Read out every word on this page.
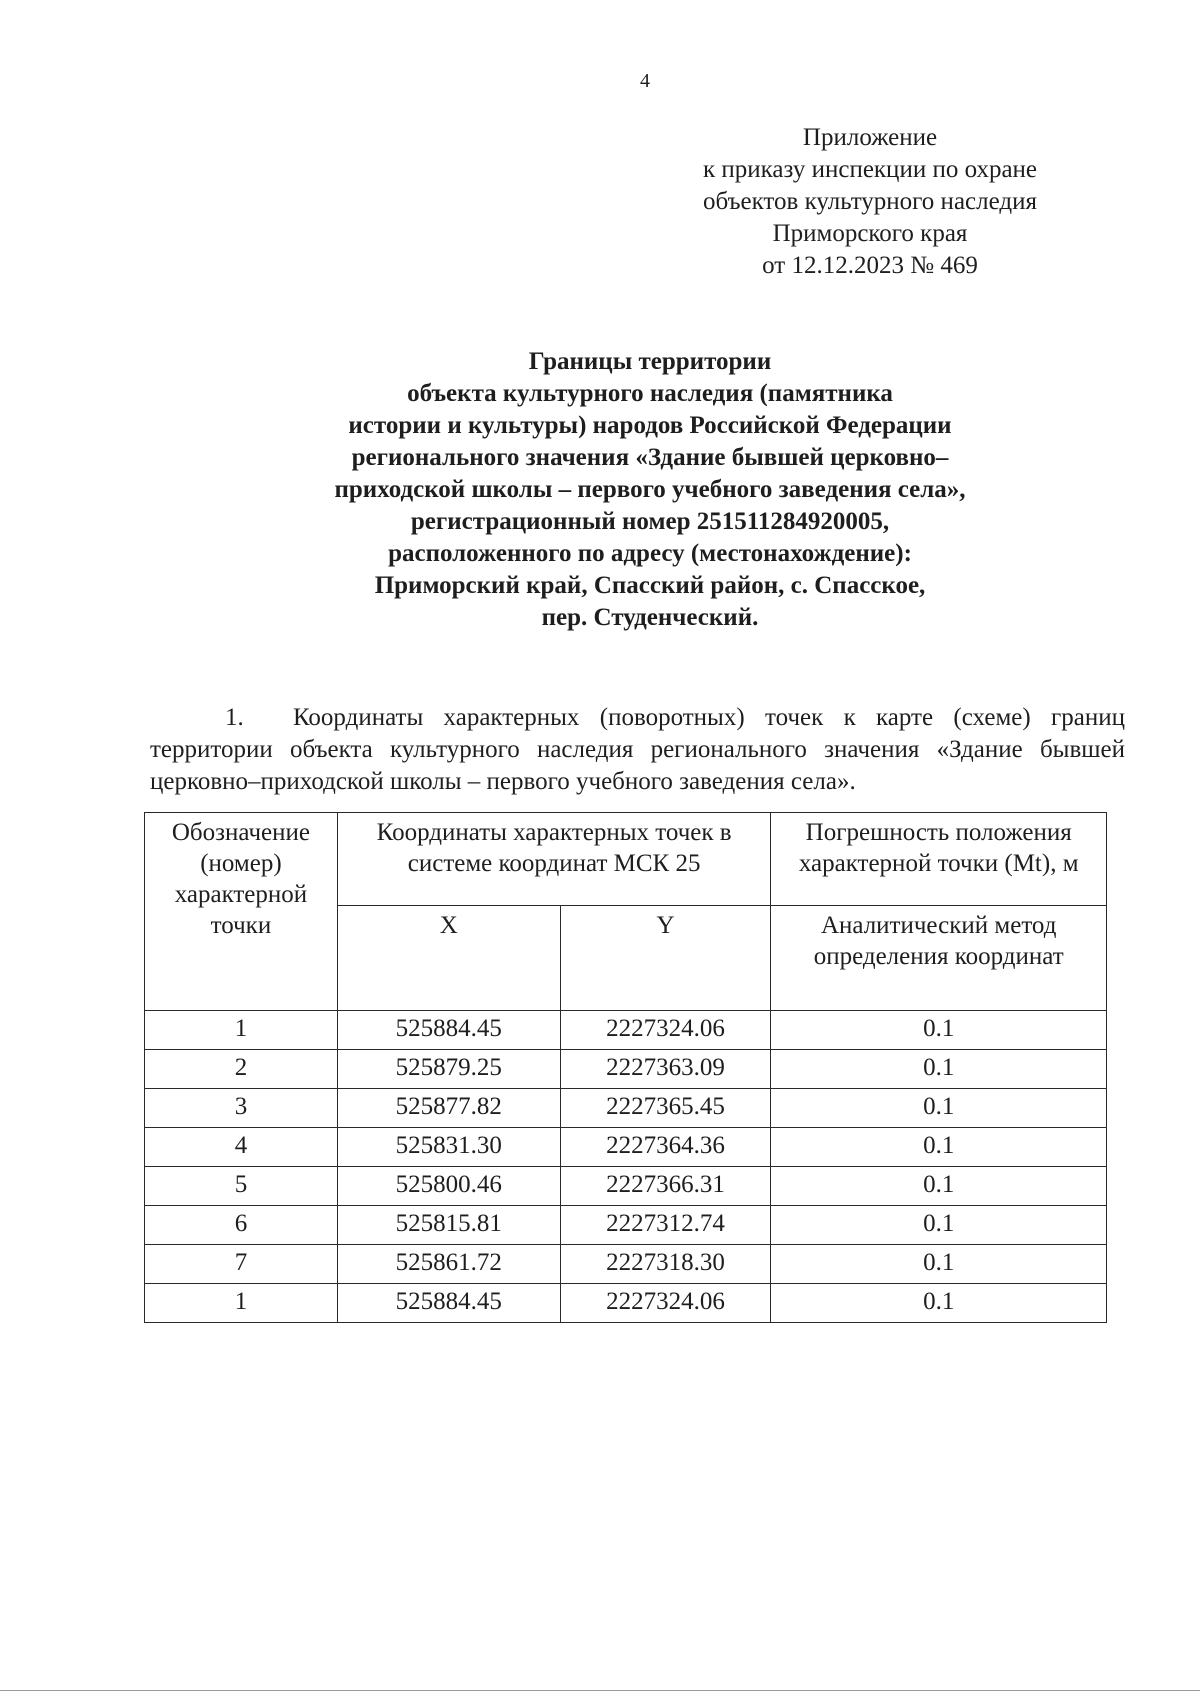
4
Приложение
к приказу инспекции по охране
объектов культурного наследия
Приморского края
от 12.12.2023 № 469
Границы территории
объекта культурного наследия (памятника
истории и культуры) народов Российской Федерации
регионального значения «Здание бывшей церковно–
приходской школы – первого учебного заведения села»,
регистрационный номер 251511284920005,
расположенного по адресу (местонахождение):
Приморский край, Спасский район, с. Спасское,
пер. Студенческий.
1. Координаты характерных (поворотных) точек к карте (схеме) границ территории объекта культурного наследия регионального значения «Здание бывшей церковно–приходской школы – первого учебного заведения села».
Обозначение (номер) характерной точки	Координаты характерных точек в системе координат МСК 25		Погрешность положения характерной точки (Mt), м
	X	Y	Аналитический метод определения координат
1	525884.45	2227324.06	0.1
2	525879.25	2227363.09	0.1
3	525877.82	2227365.45	0.1
4	525831.30	2227364.36	0.1
5	525800.46	2227366.31	0.1
6	525815.81	2227312.74	0.1
7	525861.72	2227318.30	0.1
1	525884.45	2227324.06	0.1
